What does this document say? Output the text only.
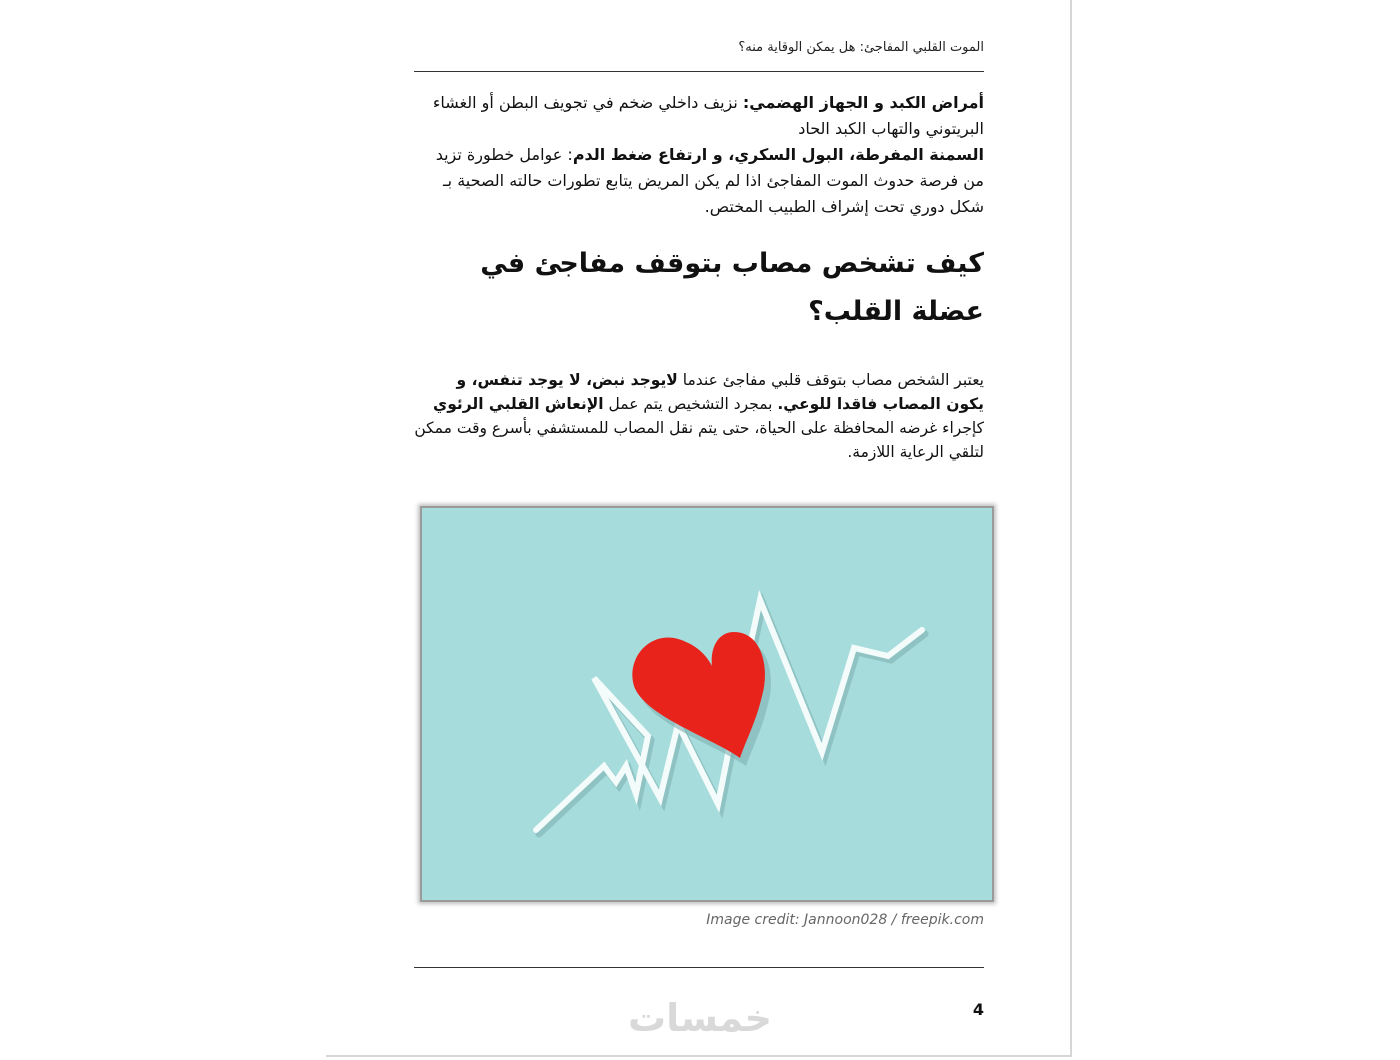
الموت القلبي المفاجئ: هل يمكن الوقاية منه؟
أمراض الكبد و الجهاز الهضمي: نزيف داخلي ضخم في تجويف البطن أو الغشاء البريتوني والتهاب الكبد الحاد
السمنة المفرطة، البول السكري، و ارتفاع ضغط الدم: عوامل خطورة تزيد من فرصة حدوث الموت المفاجئ اذا لم يكن المريض يتابع تطورات حالته الصحية بـ شكل دوري تحت إشراف الطبيب المختص.
كيف تشخص مصاب بتوقف مفاجئ في عضلة القلب؟
يعتبر الشخص مصاب بتوقف قلبي مفاجئ عندما لايوجد نبض، لا يوجد تنفس، و يكون المصاب فاقدا للوعي. بمجرد التشخيص يتم عمل الإنعاش القلبي الرئوي كإجراء غرضه المحافظة على الحياة، حتى يتم نقل المصاب للمستشفي بأسرع وقت ممكن لتلقي الرعاية اللازمة.
Image credit: Jannoon028 / freepik.com
4
خمسات
